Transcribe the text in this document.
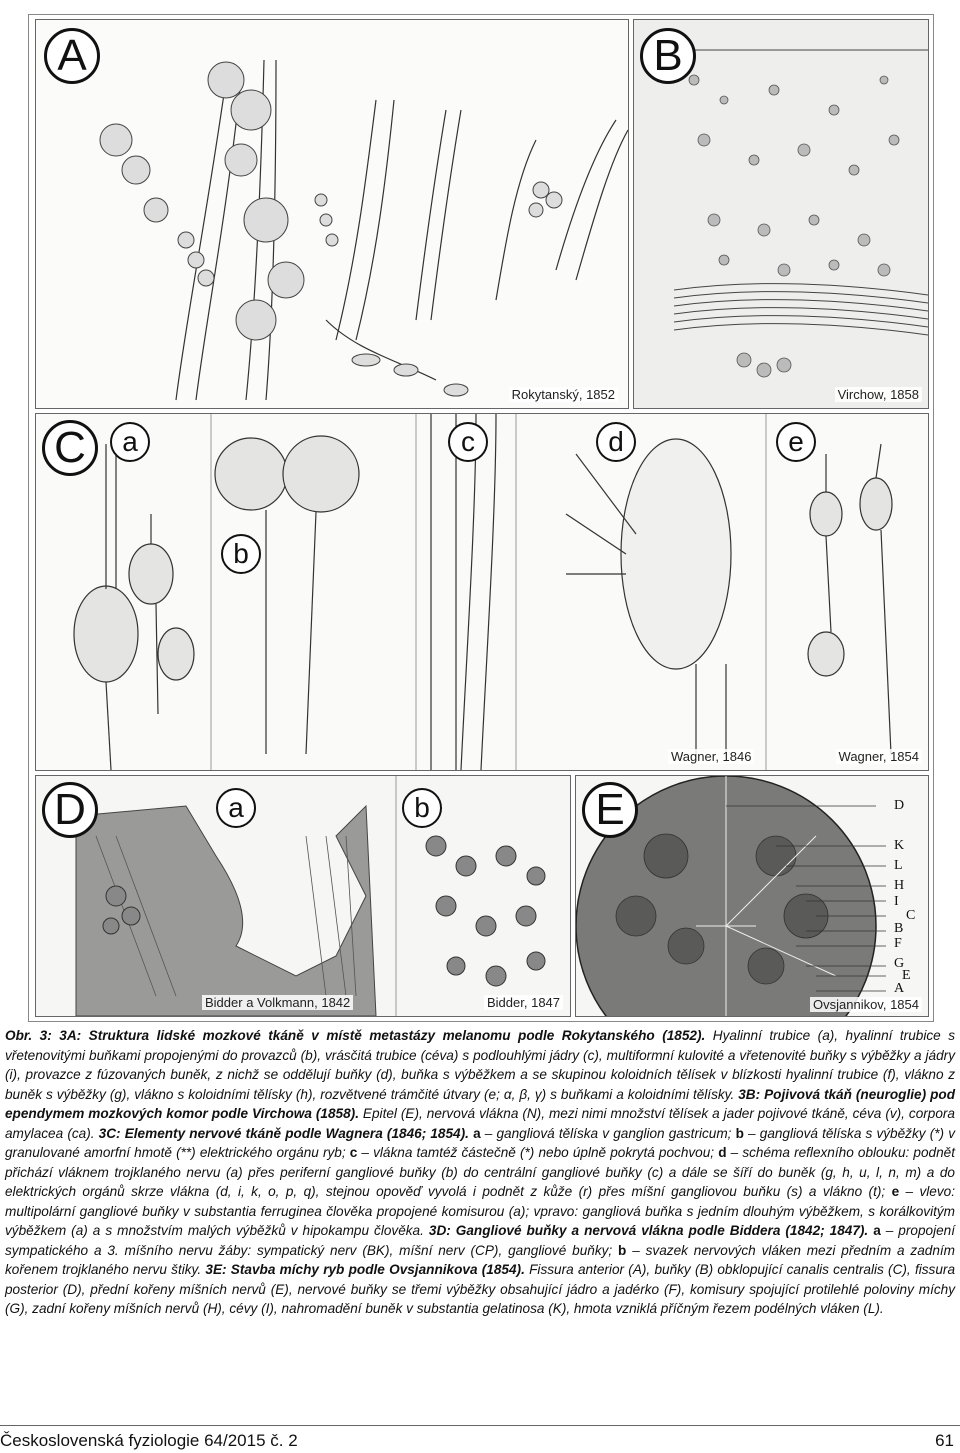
A
Rokytanský, 1852
B
Virchow, 1858
C	a
b
c	d	e
Wagner, 1846	Wagner, 1854
D	a	b
Bidder a Volkmann, 1842	Bidder, 1847
E	D
K
L
H
I
C
B
F
G
E
A
Ovsjannikov, 1854
Obr. 3: 3A: Struktura lidské mozkové tkáně v místě metastázy melanomu podle Rokytanského (1852). Hyalinní trubice (a), hyalinní trubice s vřetenovitými buňkami propojenými do provazců (b), vrásčitá trubice (céva) s podlouhlými jádry (c), multiformní kulovité a vřetenovité buňky s výběžky a jádry (i), provazce z fúzovaných buněk, z nichž se oddělují buňky (d), buňka s výběžkem a se skupinou koloidních tělísek v blízkosti hyalinní trubice (f), vlákno z buněk s výběžky (g), vlákno s koloidními tělísky (h), rozvětvené trámčité útvary (e; α, β, γ) s buňkami a koloidními tělísky. 3B: Pojivová tkáň (neuroglie) pod ependymem mozkových komor podle Virchowa (1858). Epitel (E), nervová vlákna (N), mezi nimi množství tělísek a jader pojivové tkáně, céva (v), corpora amylacea (ca). 3C: Elementy nervové tkáně podle Wagnera (1846; 1854). a – gangliová tělíska v ganglion gastricum; b – gangliová tělíska s výběžky (*) v granulované amorfní hmotě (**) elektrického orgánu ryb; c – vlákna tamtéž částečně (*) nebo úplně pokrytá pochvou; d – schéma reflexního oblouku: podnět přichází vláknem trojklaného nervu (a) přes periferní gangliové buňky (b) do centrální gangliové buňky (c) a dále se šíří do buněk (g, h, u, l, n, m) a do elektrických orgánů skrze vlákna (d, i, k, o, p, q), stejnou opověď vyvolá i podnět z kůže (r) přes míšní gangliovou buňku (s) a vlákno (t); e – vlevo: multipolární gangliové buňky v substantia ferruginea člověka propojené komisurou (a); vpravo: gangliová buňka s jedním dlouhým výběžkem, s korálkovitým výběžkem (a) a s množstvím malých výběžků v hipokampu člověka. 3D: Gangliové buňky a nervová vlákna podle Biddera (1842; 1847). a – propojení sympatického a 3. míšního nervu žáby: sympatický nerv (BK), míšní nerv (CP), gangliové buňky; b – svazek nervových vláken mezi předním a zadním kořenem trojklaného nervu štiky. 3E: Stavba míchy ryb podle Ovsjannikova (1854). Fissura anterior (A), buňky (B) obklopující canalis centralis (C), fissura posterior (D), přední kořeny míšních nervů (E), nervové buňky se třemi výběžky obsahující jádro a jadérko (F), komisury spojující protilehlé poloviny míchy (G), zadní kořeny míšních nervů (H), cévy (I), nahromadění buněk v substantia gelatinosa (K), hmota vzniklá příčným řezem podélných vláken (L).
Československá fyziologie 64/2015 č. 2	61
